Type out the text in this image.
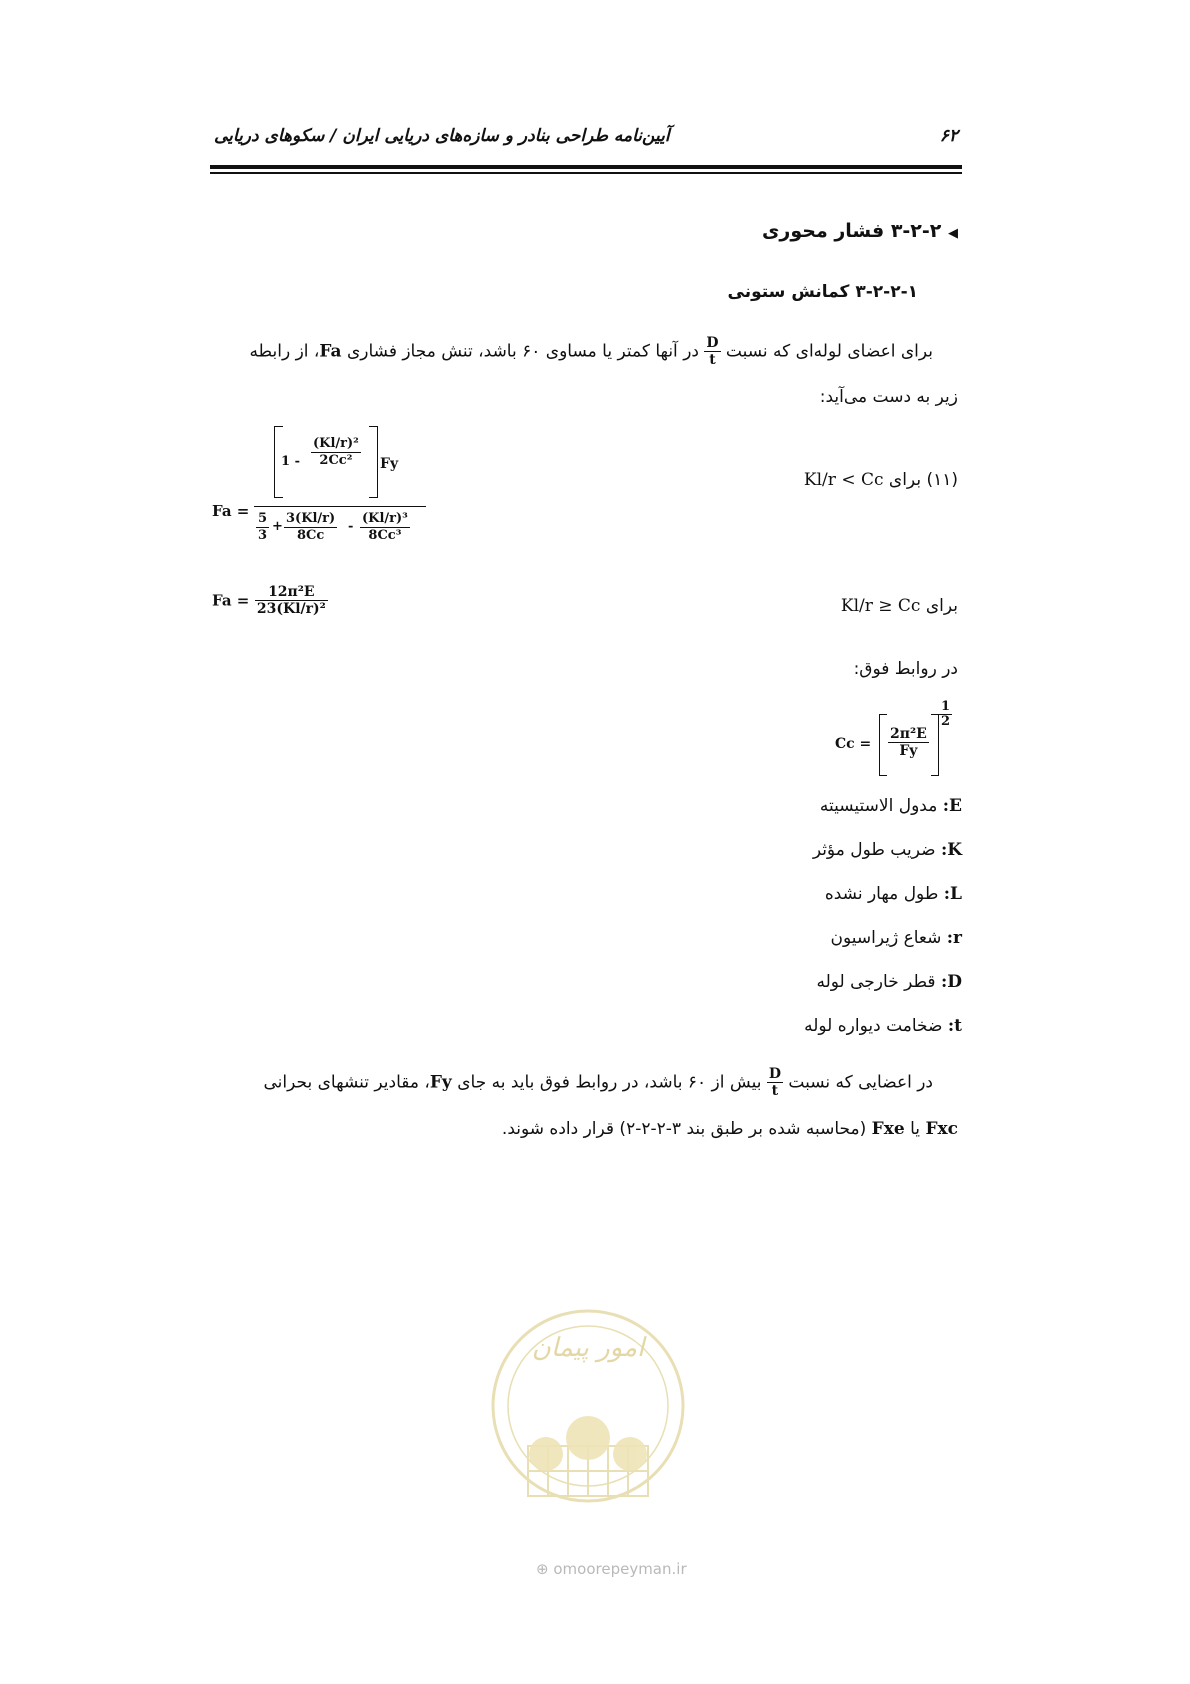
۶۲
آیین‌نامه طراحی بنادر و سازه‌های دریایی ایران / سکوهای دریایی
◀ ۳-۲-۲ فشار محوری
۳-۲-۲-۱ کمانش ستونی
برای اعضای لوله‌ای که نسبت
$\frac{D}{t}$
در آنها کمتر یا مساوی ۶۰ باشد، تنش مجاز فشاری Fa، از رابطه
زیر به دست می‌آید:
(۱۱) برای Kl/r < Cc
Fa =
$1 - \frac{\text{(Kl/r)²}}{\text{2Cc²}}$ Fy
$\frac{5}{3} + \frac{3(Kl/r)}{8Cc} - \frac{\text{(Kl/r)³}}{\text{8Cc³}}$
برای Kl/r ≥ Cc
$Fa = \frac{\text{12π²E}}{\text{23(Kl/r)²}}$
در روابط فوق:
$Cc = \frac{\text{2π²E}}{Fy}$
$\frac{1}{2}$
E: مدول الاستیسیته
K: ضریب طول مؤثر
L: طول مهار نشده
r: شعاع ژیراسیون
D: قطر خارجی لوله
t: ضخامت دیواره لوله
در اعضایی که نسبت
$\frac{D}{t}$
بیش از ۶۰ باشد، در روابط فوق باید به جای Fy، مقادیر تنشهای بحرانی
Fxc یا Fxe (محاسبه شده بر طبق بند ۳-۲-۲-۲) قرار داده شوند.
امور پیمان
⊕ omoorepeyman.ir
